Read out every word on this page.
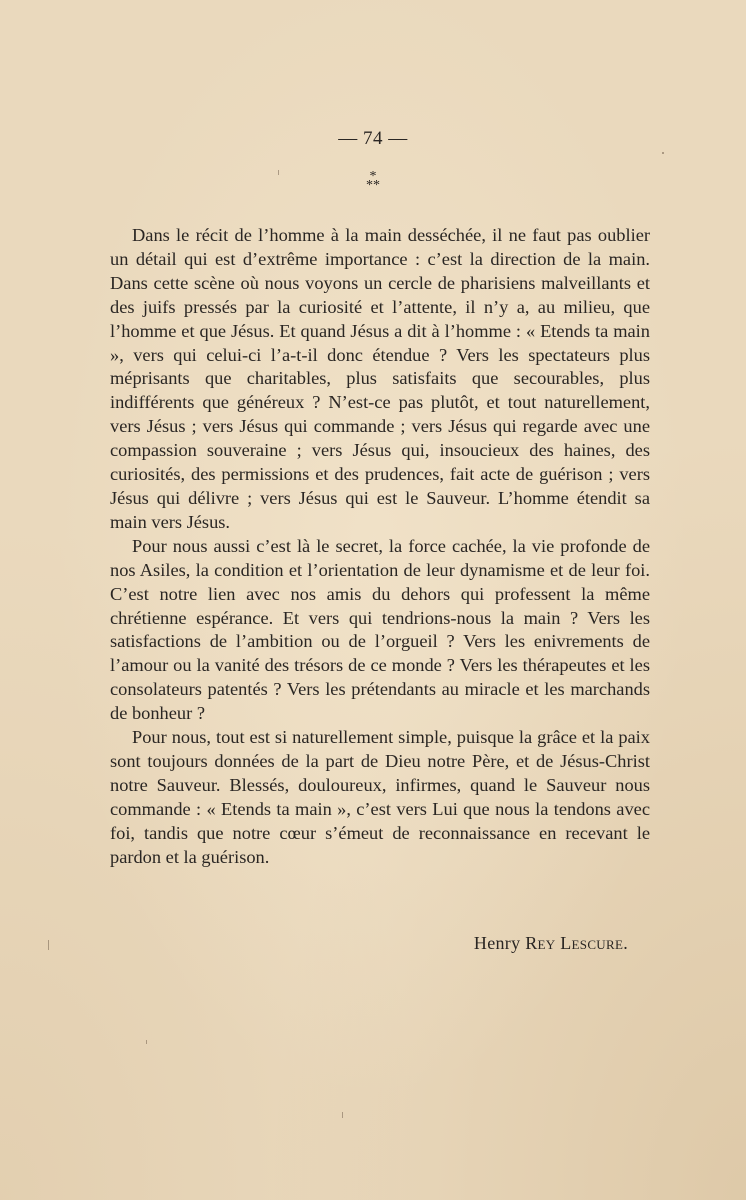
— 74 —
*
**

Dans le récit de l’homme à la main desséchée, il ne faut pas oublier un détail qui est d’extrême importance : c’est la direction de la main. Dans cette scène où nous voyons un cercle de pharisiens malveillants et des juifs pressés par la curiosité et l’attente, il n’y a, au milieu, que l’homme et que Jésus. Et quand Jésus a dit à l’homme : « Etends ta main », vers qui celui-ci l’a-t-il donc étendue ? Vers les spectateurs plus méprisants que charitables, plus satisfaits que secourables, plus indifférents que généreux ? N’est-ce pas plutôt, et tout naturellement, vers Jésus ; vers Jésus qui commande ; vers Jésus qui regarde avec une compassion souveraine ; vers Jésus qui, insoucieux des haines, des curiosités, des permissions et des prudences, fait acte de guérison ; vers Jésus qui délivre ; vers Jésus qui est le Sauveur. L’homme étendit sa main vers Jésus.

Pour nous aussi c’est là le secret, la force cachée, la vie profonde de nos Asiles, la condition et l’orientation de leur dynamisme et de leur foi. C’est notre lien avec nos amis du dehors qui professent la même chrétienne espérance. Et vers qui tendrions-nous la main ? Vers les satisfactions de l’ambition ou de l’orgueil ? Vers les enivrements de l’amour ou la vanité des trésors de ce monde ? Vers les thérapeutes et les consolateurs patentés ? Vers les prétendants au miracle et les marchands de bonheur ?

Pour nous, tout est si naturellement simple, puisque la grâce et la paix sont toujours données de la part de Dieu notre Père, et de Jésus-Christ notre Sauveur. Blessés, douloureux, infirmes, quand le Sauveur nous commande : « Etends ta main », c’est vers Lui que nous la tendons avec foi, tandis que notre cœur s’émeut de reconnaissance en recevant le pardon et la guérison.

Henry Rey Lescure.
